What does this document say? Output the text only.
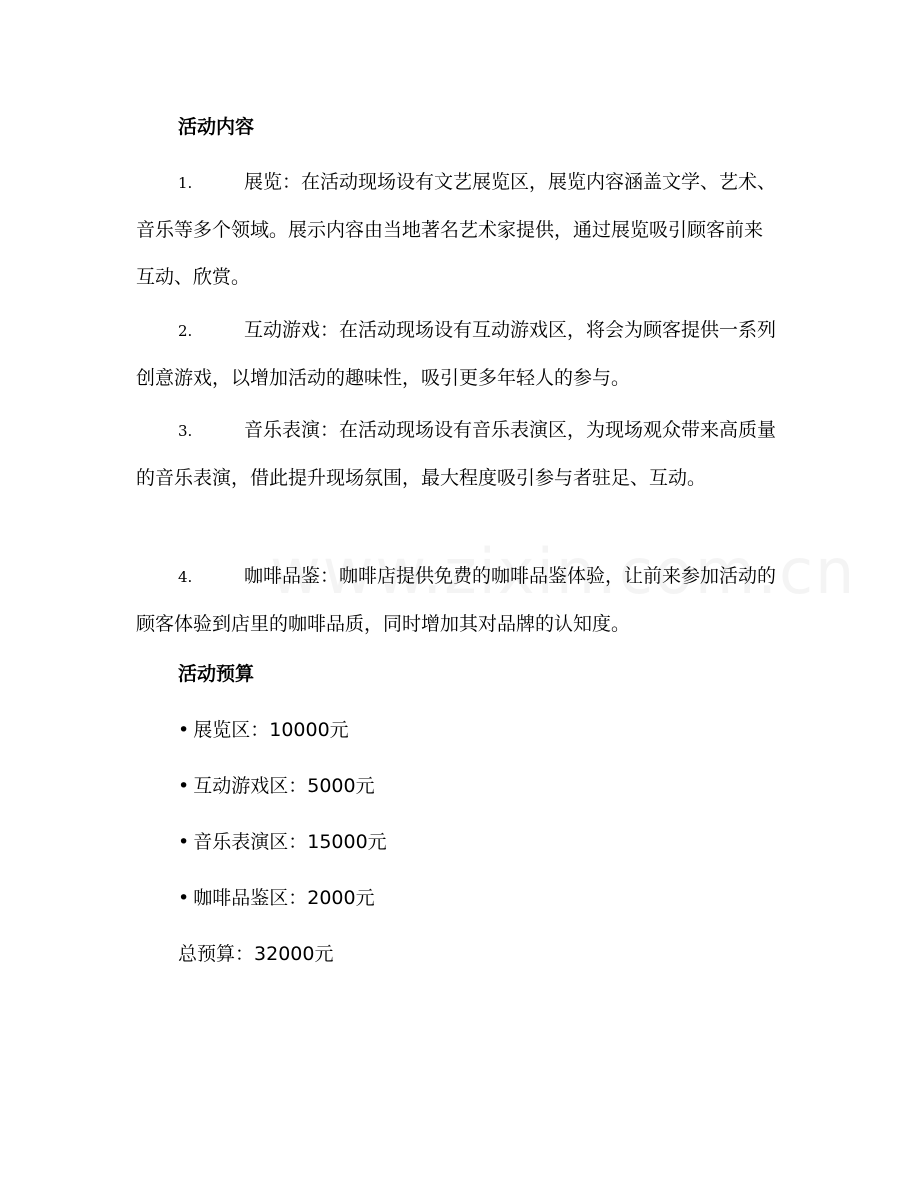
活动内容
1.	展览：在活动现场设有文艺展览区，展览内容涵盖文学、艺术、音乐等多个领域。展示内容由当地著名艺术家提供，通过展览吸引顾客前来互动、欣赏。
2.	互动游戏：在活动现场设有互动游戏区，将会为顾客提供一系列创意游戏，以增加活动的趣味性，吸引更多年轻人的参与。
3.	音乐表演：在活动现场设有音乐表演区，为现场观众带来高质量的音乐表演，借此提升现场氛围，最大程度吸引参与者驻足、互动。
4.	咖啡品鉴：咖啡店提供免费的咖啡品鉴体验，让前来参加活动的顾客体验到店里的咖啡品质，同时增加其对品牌的认知度。
活动预算
• 展览区：10000元
• 互动游戏区：5000元
• 音乐表演区：15000元
• 咖啡品鉴区：2000元
总预算：32000元
